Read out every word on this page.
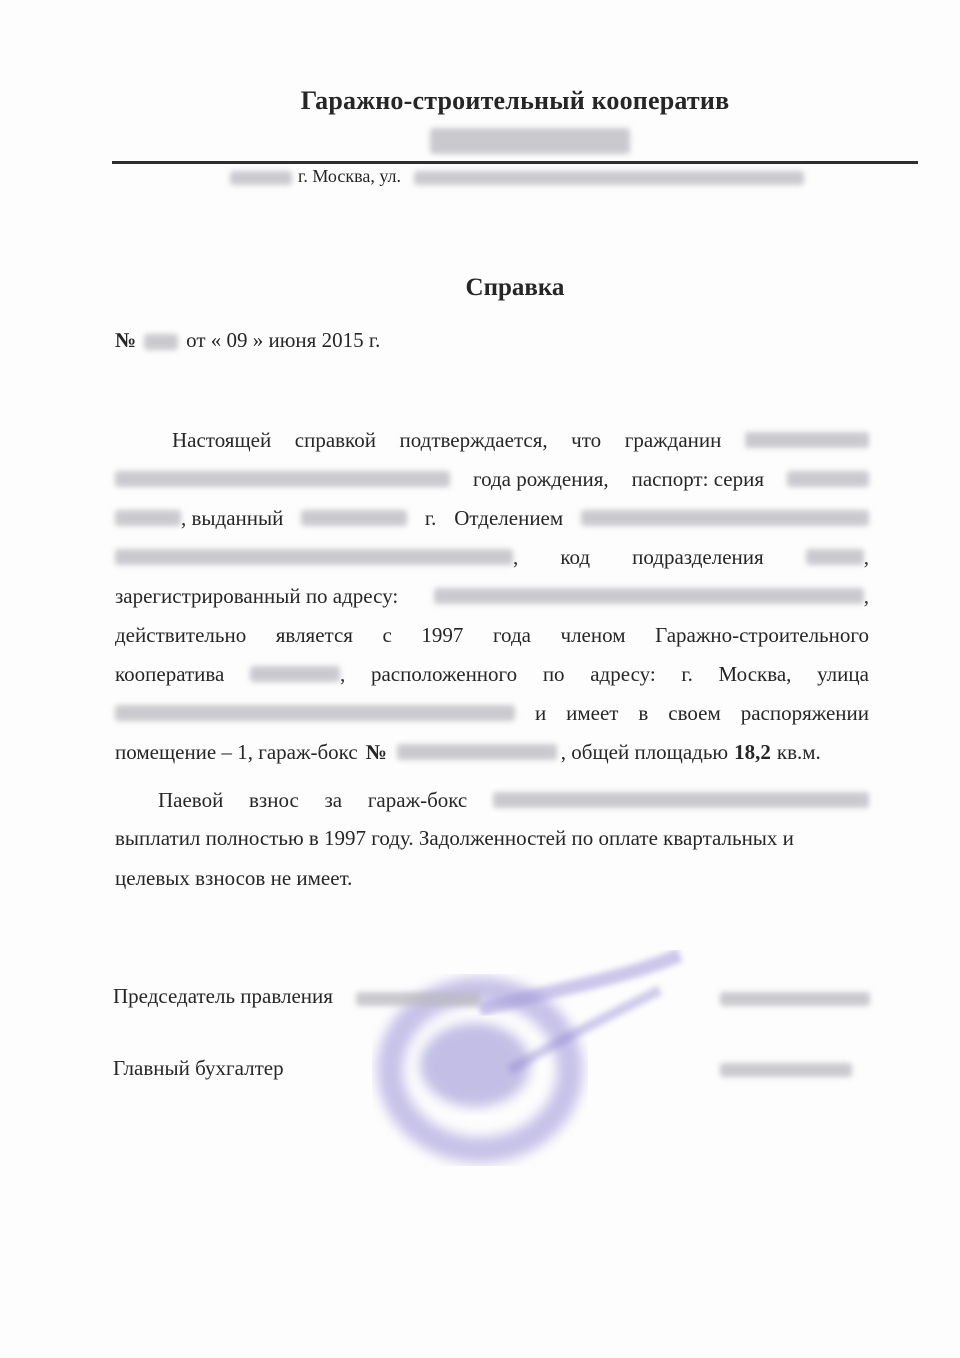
Гаражно-строительный кооператив
г. Москва, ул.
Справка
№ от « 09 » июня 2015 г.
Настоящей справкой подтверждается, что гражданин
года рождения, паспорт: серия
, выданный	г. Отделением
, код подразделения	,
зарегистрированный по адресу:	,
действительно является с 1997 года членом Гаражно-строительного
кооператива	, расположенного по адресу: г. Москва, улица
и имеет в своем распоряжении
помещение – 1, гараж-бокс №	, общей площадью 18,2 кв.м.
Паевой взнос за гараж-бокс
выплатил полностью в 1997 году. Задолженностей по оплате квартальных и
целевых взносов не имеет.
Председатель правления
Главный бухгалтер
